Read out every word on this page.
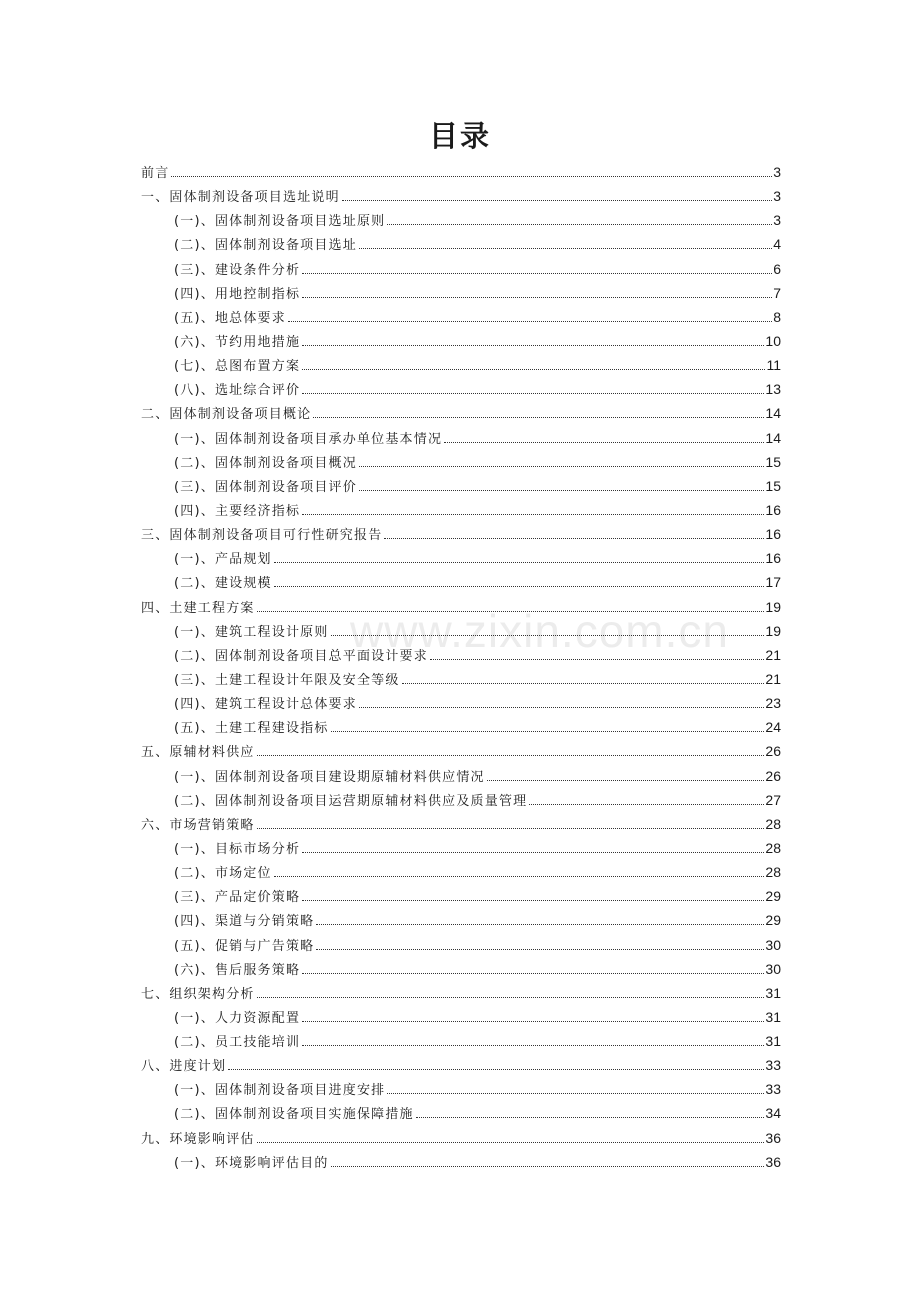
目录
www.zixin.com.cn
前言	3
一、固体制剂设备项目选址说明	3
(一)、固体制剂设备项目选址原则	3
(二)、固体制剂设备项目选址	4
(三)、建设条件分析	6
(四)、用地控制指标	7
(五)、地总体要求	8
(六)、节约用地措施	10
(七)、总图布置方案	11
(八)、选址综合评价	13
二、固体制剂设备项目概论	14
(一)、固体制剂设备项目承办单位基本情况	14
(二)、固体制剂设备项目概况	15
(三)、固体制剂设备项目评价	15
(四)、主要经济指标	16
三、固体制剂设备项目可行性研究报告	16
(一)、产品规划	16
(二)、建设规模	17
四、土建工程方案	19
(一)、建筑工程设计原则	19
(二)、固体制剂设备项目总平面设计要求	21
(三)、土建工程设计年限及安全等级	21
(四)、建筑工程设计总体要求	23
(五)、土建工程建设指标	24
五、原辅材料供应	26
(一)、固体制剂设备项目建设期原辅材料供应情况	26
(二)、固体制剂设备项目运营期原辅材料供应及质量管理	27
六、市场营销策略	28
(一)、目标市场分析	28
(二)、市场定位	28
(三)、产品定价策略	29
(四)、渠道与分销策略	29
(五)、促销与广告策略	30
(六)、售后服务策略	30
七、组织架构分析	31
(一)、人力资源配置	31
(二)、员工技能培训	31
八、进度计划	33
(一)、固体制剂设备项目进度安排	33
(二)、固体制剂设备项目实施保障措施	34
九、环境影响评估	36
(一)、环境影响评估目的	36
